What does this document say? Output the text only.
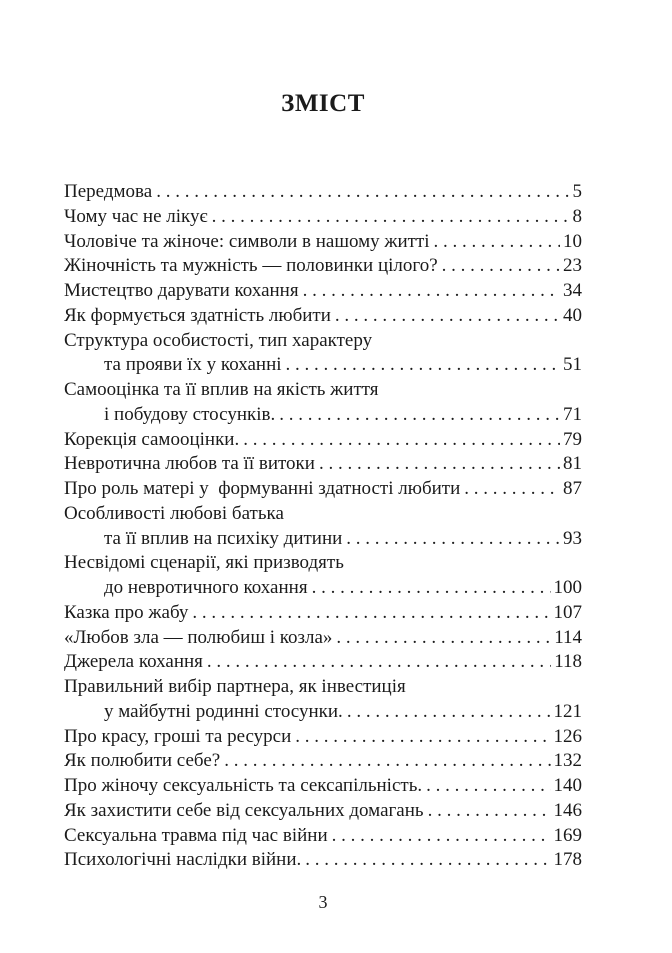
ЗМІСТ
Передмова . . .	5
Чому час не лікує . . .	8
Чоловіче та жіноче: символи в нашому житті . . .	10
Жіночність та мужність — половинки цілого? . . .	23
Мистецтво дарувати кохання . . .	34
Як формується здатність любити . . .	40
Структура особистості, тип характеру
та прояви їх у коханні . . .	51
Самооцінка та її вплив на якість життя
і побудову стосунків. . . .	71
Корекція самооцінки. . . .	79
Невротична любов та її витоки . . .	81
Про роль матері у  формуванні здатності любити . . .	87
Особливості любові батька
та її вплив на психіку дитини . . .	93
Несвідомі сценарії, які призводять
до невротичного кохання . . .	100
Казка про жабу . . .	107
«Любов зла — полюбиш і козла» . . .	114
Джерела кохання . . .	118
Правильний вибір партнера, як інвестиція
у майбутні родинні стосунки. . . .	121
Про красу, гроші та ресурси . . .	126
Як полюбити себе? . . .	132
Про жіночу сексуальність та сексапільність. . . .	140
Як захистити себе від сексуальних домагань . . .	146
Сексуальна травма під час війни . . .	169
Психологічні наслідки війни. . . .	178
3
